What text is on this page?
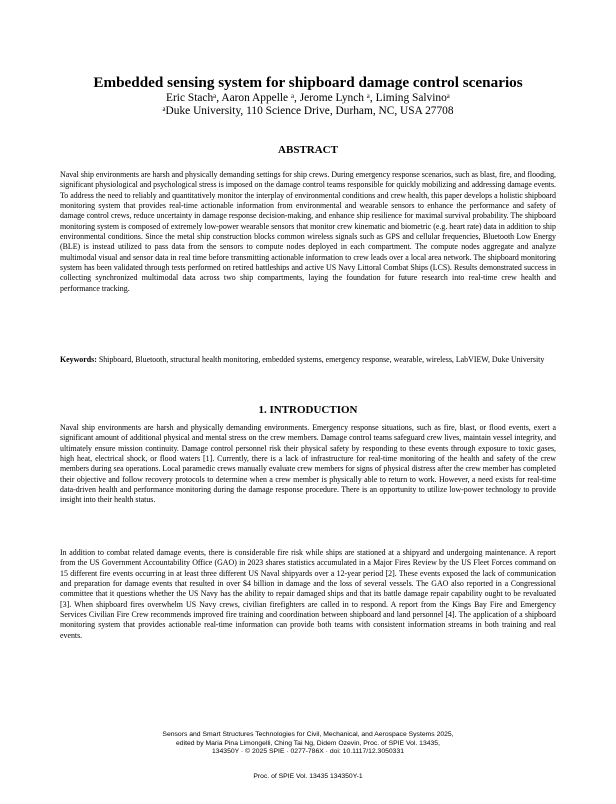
Embedded sensing system for shipboard damage control scenarios
Eric Stachᵃ, Aaron Appelle ᵃ, Jerome Lynch ᵃ, Liming Salvinoᵃ
ᵃDuke University, 110 Science Drive, Durham, NC, USA 27708
ABSTRACT

Naval ship environments are harsh and physically demanding settings for ship crews. During emergency response scenarios, such as blast, fire, and flooding, significant physiological and psychological stress is imposed on the damage control teams responsible for quickly mobilizing and addressing damage events. To address the need to reliably and quantitatively monitor the interplay of environmental conditions and crew health, this paper develops a holistic shipboard monitoring system that provides real-time actionable information from environmental and wearable sensors to enhance the performance and safety of damage control crews, reduce uncertainty in damage response decision-making, and enhance ship resilience for maximal survival probability. The shipboard monitoring system is composed of extremely low-power wearable sensors that monitor crew kinematic and biometric (e.g. heart rate) data in addition to ship environmental conditions. Since the metal ship construction blocks common wireless signals such as GPS and cellular frequencies, Bluetooth Low Energy (BLE) is instead utilized to pass data from the sensors to compute nodes deployed in each compartment. The compute nodes aggregate and analyze multimodal visual and sensor data in real time before transmitting actionable information to crew leads over a local area network. The shipboard monitoring system has been validated through tests performed on retired battleships and active US Navy Littoral Combat Ships (LCS). Results demonstrated success in collecting synchronized multimodal data across two ship compartments, laying the foundation for future research into real-time crew health and performance tracking.

Keywords: Shipboard, Bluetooth, structural health monitoring, embedded systems, emergency response, wearable, wireless, LabVIEW, Duke University

1. INTRODUCTION

Naval ship environments are harsh and physically demanding environments. Emergency response situations, such as fire, blast, or flood events, exert a significant amount of additional physical and mental stress on the crew members. Damage control teams safeguard crew lives, maintain vessel integrity, and ultimately ensure mission continuity. Damage control personnel risk their physical safety by responding to these events through exposure to toxic gases, high heat, electrical shock, or flood waters [1]. Currently, there is a lack of infrastructure for real-time monitoring of the health and safety of the crew members during sea operations. Local paramedic crews manually evaluate crew members for signs of physical distress after the crew member has completed their objective and follow recovery protocols to determine when a crew member is physically able to return to work. However, a need exists for real-time data-driven health and performance monitoring during the damage response procedure. There is an opportunity to utilize low-power technology to provide insight into their health status.

In addition to combat related damage events, there is considerable fire risk while ships are stationed at a shipyard and undergoing maintenance. A report from the US Government Accountability Office (GAO) in 2023 shares statistics accumulated in a Major Fires Review by the US Fleet Forces command on 15 different fire events occurring in at least three different US Naval shipyards over a 12-year period [2]. These events exposed the lack of communication and preparation for damage events that resulted in over $4 billion in damage and the loss of several vessels. The GAO also reported in a Congressional committee that it questions whether the US Navy has the ability to repair damaged ships and that its battle damage repair capability ought to be revaluated [3]. When shipboard fires overwhelm US Navy crews, civilian firefighters are called in to respond. A report from the Kings Bay Fire and Emergency Services Civilian Fire Crew recommends improved fire training and coordination between shipboard and land personnel [4]. The application of a shipboard monitoring system that provides actionable real-time information can provide both teams with consistent information streams in both training and real events.

Sensors and Smart Structures Technologies for Civil, Mechanical, and Aerospace Systems 2025,
edited by Maria Pina Limongelli, Ching Tai Ng, Didem Ozevin, Proc. of SPIE Vol. 13435,
134350Y · © 2025 SPIE · 0277-786X · doi: 10.1117/12.3050331
Proc. of SPIE Vol. 13435 134350Y-1
